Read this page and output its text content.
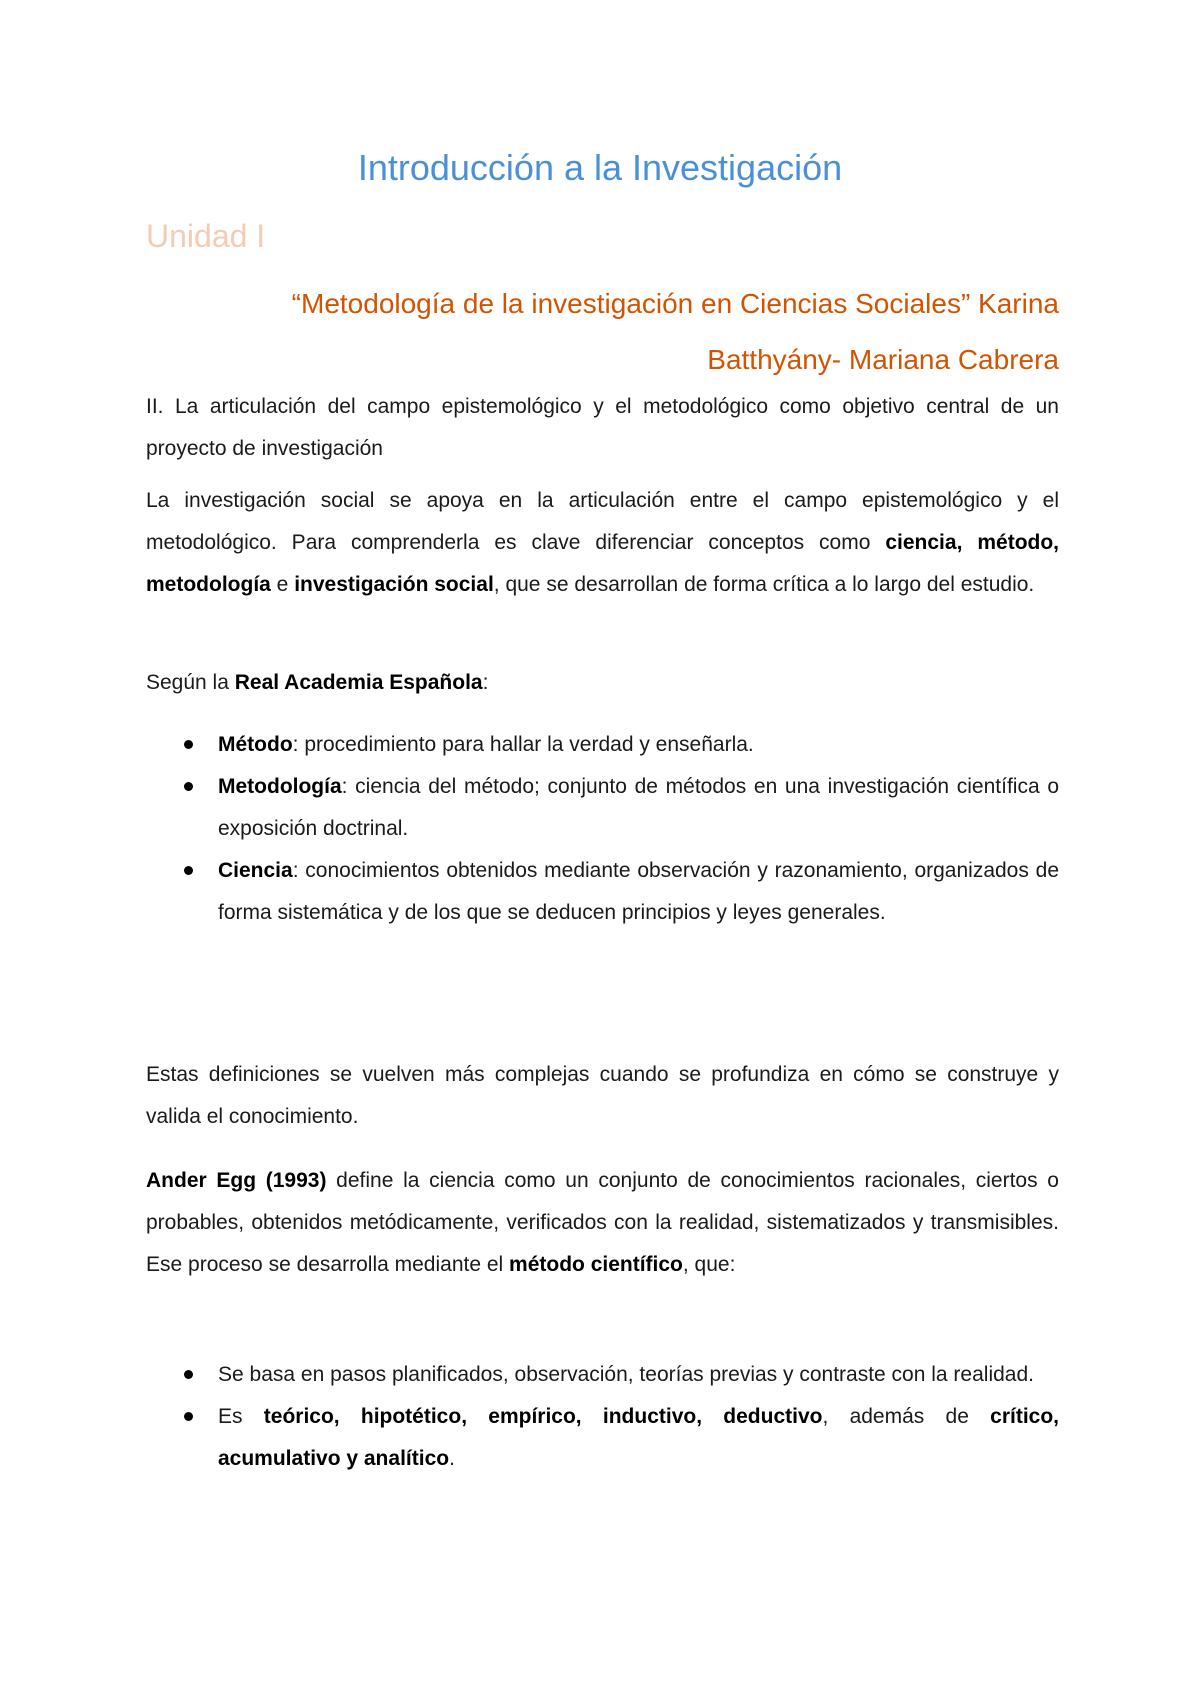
Introducción a la Investigación
Unidad I
“Metodología de la investigación en Ciencias Sociales” Karina
Batthyány- Mariana Cabrera

II. La articulación del campo epistemológico y el metodológico como objetivo central de un proyecto de investigación

La investigación social se apoya en la articulación entre el campo epistemológico y el metodológico. Para comprenderla es clave diferenciar conceptos como ciencia, método, metodología e investigación social, que se desarrollan de forma crítica a lo largo del estudio.

Según la Real Academia Española:

Método: procedimiento para hallar la verdad y enseñarla.
Metodología: ciencia del método; conjunto de métodos en una investigación científica o exposición doctrinal.
Ciencia: conocimientos obtenidos mediante observación y razonamiento, organizados de forma sistemática y de los que se deducen principios y leyes generales.

Estas definiciones se vuelven más complejas cuando se profundiza en cómo se construye y valida el conocimiento.

Ander Egg (1993) define la ciencia como un conjunto de conocimientos racionales, ciertos o probables, obtenidos metódicamente, verificados con la realidad, sistematizados y transmisibles. Ese proceso se desarrolla mediante el método científico, que:

Se basa en pasos planificados, observación, teorías previas y contraste con la realidad.
Es teórico, hipotético, empírico, inductivo, deductivo, además de crítico, acumulativo y analítico.
